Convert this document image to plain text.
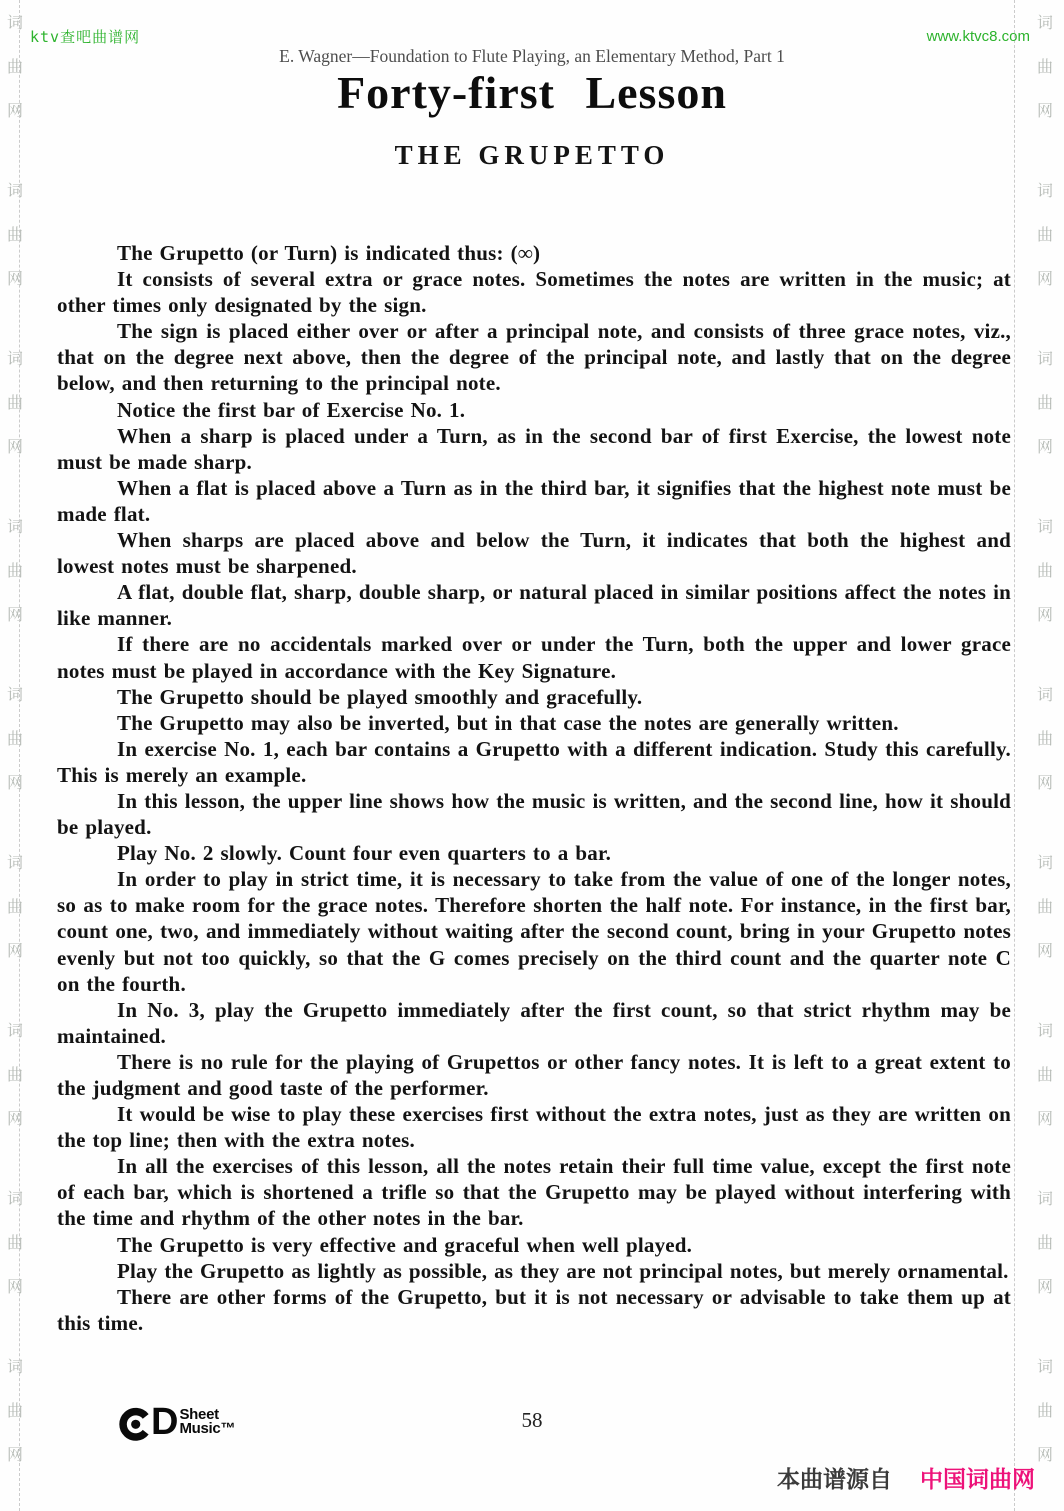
词
曲
网
词
曲
网
词
曲
网
词
曲
网
词
曲
网
词
曲
网
词
曲
网
词
曲
网
词
曲
网
词
曲
网
词
曲
网
词
曲
网
词
曲
网
词
曲
网
词
曲
网
词
曲
网
词
曲
网
词
曲
网
ktv查吧曲谱网	www.ktvc8.com
E. Wagner—Foundation to Flute Playing, an Elementary Method, Part 1
Forty-first Lesson
THE GRUPETTO

The Grupetto (or Turn) is indicated thus: (∞)

It consists of several extra or grace notes. Sometimes the notes are written in the music; at other times only designated by the sign.

The sign is placed either over or after a principal note, and consists of three grace notes, viz., that on the degree next above, then the degree of the principal note, and lastly that on the degree below, and then returning to the principal note.

Notice the first bar of Exercise No. 1.

When a sharp is placed under a Turn, as in the second bar of first Exercise, the lowest note must be made sharp.

When a flat is placed above a Turn as in the third bar, it signifies that the highest note must be made flat.

When sharps are placed above and below the Turn, it indicates that both the highest and lowest notes must be sharpened.

A flat, double flat, sharp, double sharp, or natural placed in similar positions affect the notes in like manner.

If there are no accidentals marked over or under the Turn, both the upper and lower grace notes must be played in accordance with the Key Signature.

The Grupetto should be played smoothly and gracefully.

The Grupetto may also be inverted, but in that case the notes are generally written.

In exercise No. 1, each bar contains a Grupetto with a different indication. Study this carefully. This is merely an example.

In this lesson, the upper line shows how the music is written, and the second line, how it should be played.

Play No. 2 slowly. Count four even quarters to a bar.

In order to play in strict time, it is necessary to take from the value of one of the longer notes, so as to make room for the grace notes. Therefore shorten the half note. For instance, in the first bar, count one, two, and immediately without waiting after the second count, bring in your Grupetto notes evenly but not too quickly, so that the G comes precisely on the third count and the quarter note C on the fourth.

In No. 3, play the Grupetto immediately after the first count, so that strict rhythm may be maintained.

There is no rule for the playing of Grupettos or other fancy notes. It is left to a great extent to the judgment and good taste of the performer.

It would be wise to play these exercises first without the extra notes, just as they are written on the top line; then with the extra notes.

In all the exercises of this lesson, all the notes retain their full time value, except the first note of each bar, which is shortened a trifle so that the Grupetto may be played without interfering with the time and rhythm of the other notes in the bar.

The Grupetto is very effective and graceful when well played.

Play the Grupetto as lightly as possible, as they are not principal notes, but merely ornamental.

There are other forms of the Grupetto, but it is not necessary or advisable to take them up at this time.

D Sheet
Music™	58
本曲谱源自 中国词曲网
